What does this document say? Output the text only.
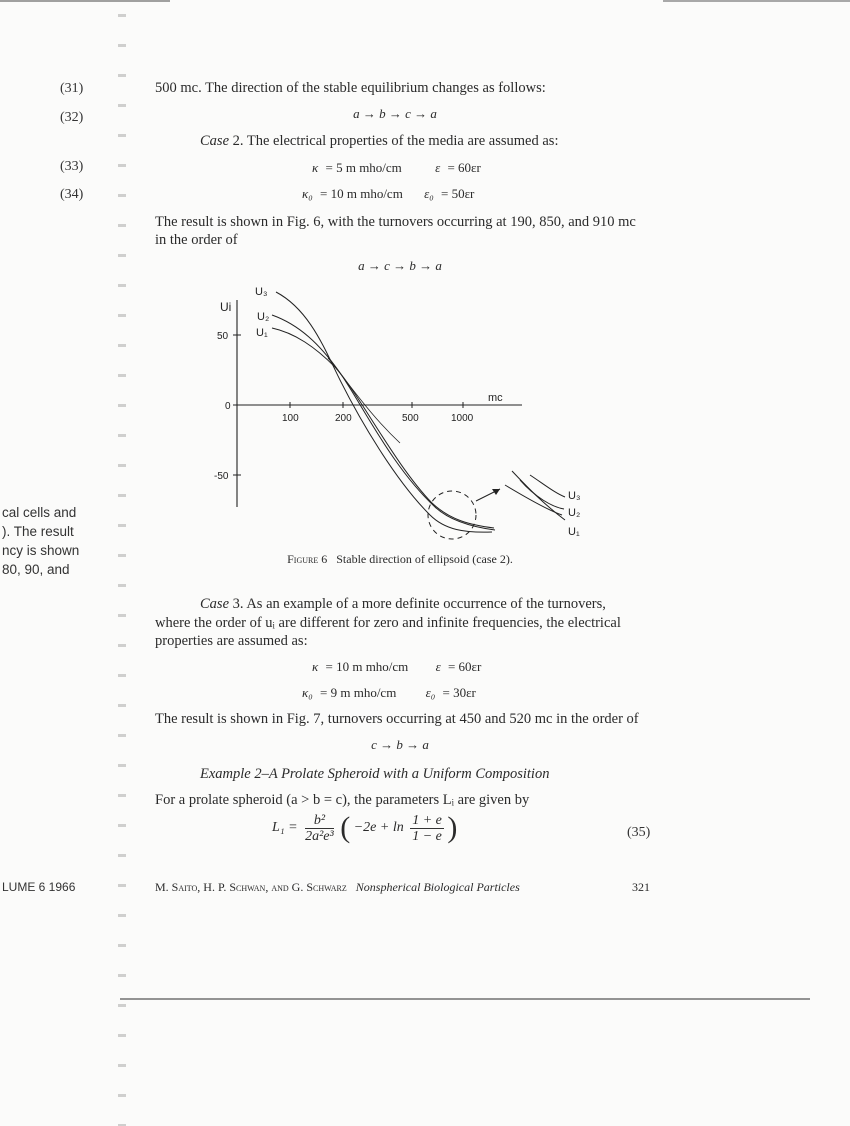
cal cells and
). The result
ncy is shown
80, 90, and
LUME 6 1966
(31)
(32)
(33)
(34)
500 mc. The direction of the stable equilibrium changes as follows:
a → b → c → a
Case 2. The electrical properties of the media are assumed as:
κ = 5 m mho/cm	ε = 60εr
κ₀ = 10 m mho/cm ε₀ = 50εr
The result is shown in Fig. 6, with the turnovers occurring at 190, 850, and 910 mc
in the order of
a → c → b → a
Ui
50
0
-50
100	200	500	1000
mc
U₃
U₂
U₁
U₃
U₂
U₁
Figure 6 Stable direction of ellipsoid (case 2).
Case 3. As an example of a more definite occurrence of the turnovers,
where the order of uᵢ are different for zero and infinite frequencies, the electrical
properties are assumed as:
κ = 10 m mho/cm ε = 60εr
κ₀ = 9 m mho/cm ε₀ = 30εr
The result is shown in Fig. 7, turnovers occurring at 450 and 520 mc in the order of
c → b → a
Example 2–A Prolate Spheroid with a Uniform Composition
For a prolate spheroid (a > b = c), the parameters Lᵢ are given by
$L_1 = \frac{\text{b²}}{\text{2a²e³}}$ ( $-2e + \ln \frac{1 + e}{1 - e}$ )	(35)
M. Saito, H. P. Schwan, and G. Schwarz Nonspherical Biological Particles	321
